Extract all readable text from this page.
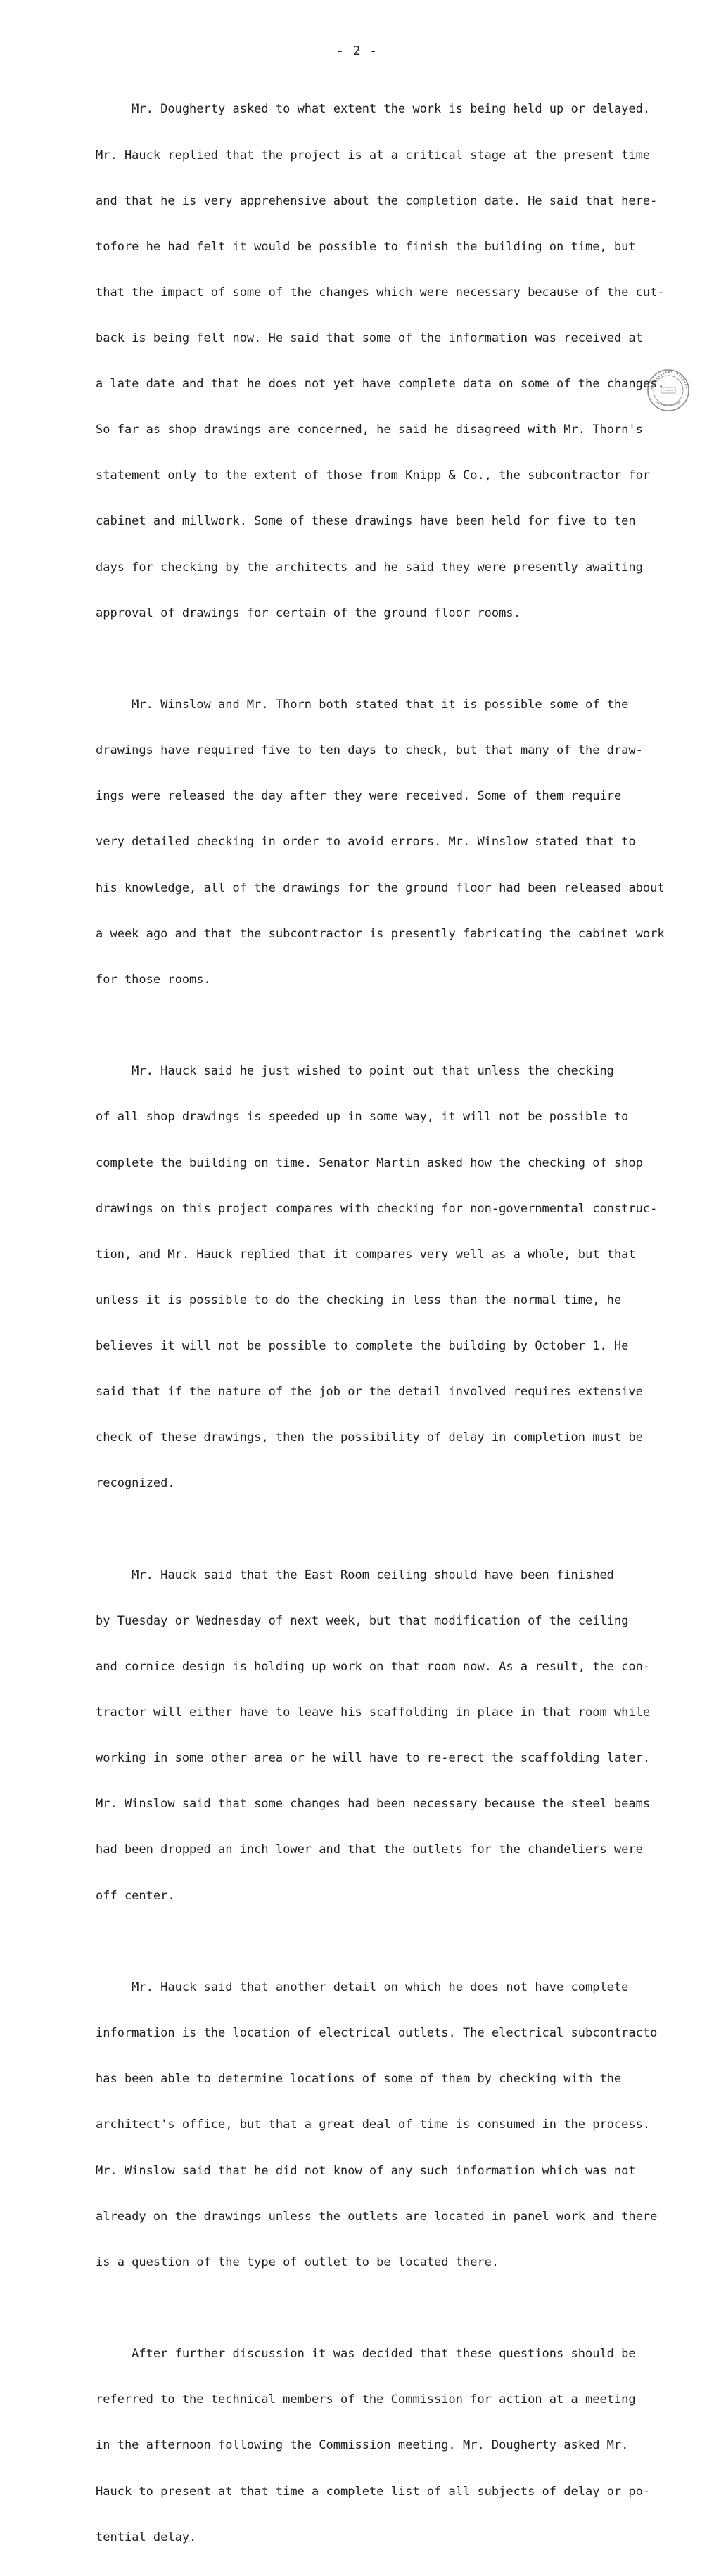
- 2 -

Mr. Dougherty asked to what extent the work is being held up or delayed.

Mr. Hauck replied that the project is at a critical stage at the present time

and that he is very apprehensive about the completion date. He said that here-

tofore he had felt it would be possible to finish the building on time, but

that the impact of some of the changes which were necessary because of the cut-

back is being felt now. He said that some of the information was received at

a late date and that he does not yet have complete data on some of the changes.

So far as shop drawings are concerned, he said he disagreed with Mr. Thorn's

statement only to the extent of those from Knipp & Co., the subcontractor for

cabinet and millwork. Some of these drawings have been held for five to ten

days for checking by the architects and he said they were presently awaiting

approval of drawings for certain of the ground floor rooms.

Mr. Winslow and Mr. Thorn both stated that it is possible some of the

drawings have required five to ten days to check, but that many of the draw-

ings were released the day after they were received. Some of them require

very detailed checking in order to avoid errors. Mr. Winslow stated that to

his knowledge, all of the drawings for the ground floor had been released about

a week ago and that the subcontractor is presently fabricating the cabinet work

for those rooms.

Mr. Hauck said he just wished to point out that unless the checking

of all shop drawings is speeded up in some way, it will not be possible to

complete the building on time. Senator Martin asked how the checking of shop

drawings on this project compares with checking for non-governmental construc-

tion, and Mr. Hauck replied that it compares very well as a whole, but that

unless it is possible to do the checking in less than the normal time, he

believes it will not be possible to complete the building by October 1. He

said that if the nature of the job or the detail involved requires extensive

check of these drawings, then the possibility of delay in completion must be

recognized.

Mr. Hauck said that the East Room ceiling should have been finished

by Tuesday or Wednesday of next week, but that modification of the ceiling

and cornice design is holding up work on that room now. As a result, the con-

tractor will either have to leave his scaffolding in place in that room while

working in some other area or he will have to re-erect the scaffolding later.

Mr. Winslow said that some changes had been necessary because the steel beams

had been dropped an inch lower and that the outlets for the chandeliers were

off center.

Mr. Hauck said that another detail on which he does not have complete

information is the location of electrical outlets. The electrical subcontracto

has been able to determine locations of some of them by checking with the

architect's office, but that a great deal of time is consumed in the process.

Mr. Winslow said that he did not know of any such information which was not

already on the drawings unless the outlets are located in panel work and there

is a question of the type of outlet to be located there.

After further discussion it was decided that these questions should be

referred to the technical members of the Commission for action at a meeting

in the afternoon following the Commission meeting. Mr. Dougherty asked Mr.

Hauck to present at that time a complete list of all subjects of delay or po-

tential delay.
